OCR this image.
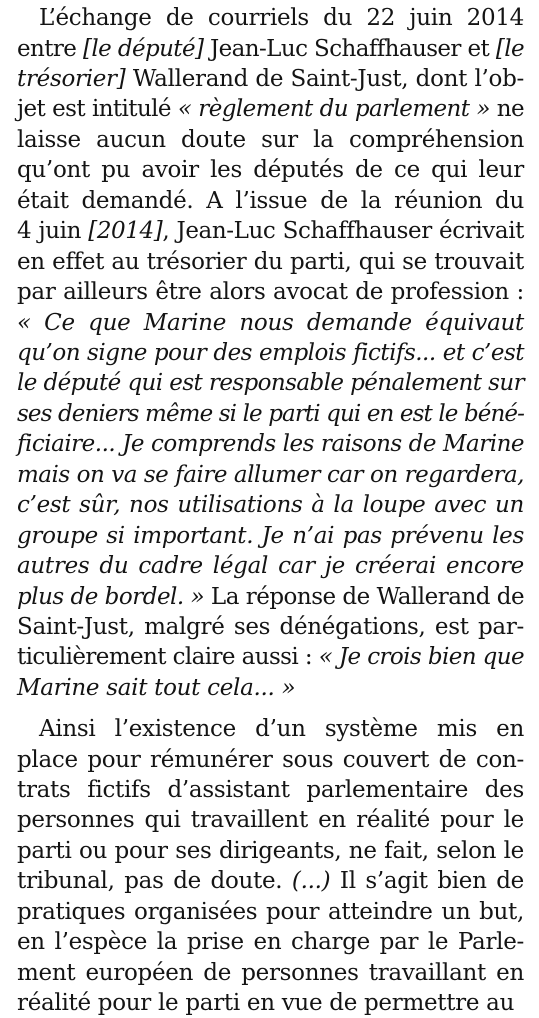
L’échange de courriels du 22 juin 2014
entre [le député] Jean-Luc Schaffhauser et [le
trésorier] Wallerand de Saint-Just, dont l’ob-
jet est intitulé « règlement du parlement » ne
laisse aucun doute sur la compréhension
qu’ont pu avoir les députés de ce qui leur
était demandé. A l’issue de la réunion du
4 juin [2014], Jean-Luc Schaffhauser écrivait
en effet au trésorier du parti, qui se trouvait
par ailleurs être alors avocat de profession :
« Ce que Marine nous demande équivaut
qu’on signe pour des emplois fictifs... et c’est
le député qui est responsable pénalement sur
ses deniers même si le parti qui en est le béné-
ficiaire... Je comprends les raisons de Marine
mais on va se faire allumer car on regardera,
c’est sûr, nos utilisations à la loupe avec un
groupe si important. Je n’ai pas prévenu les
autres du cadre légal car je créerai encore
plus de bordel. » La réponse de Wallerand de
Saint-Just, malgré ses dénégations, est par-
ticulièrement claire aussi : « Je crois bien que
Marine sait tout cela... »
Ainsi l’existence d’un système mis en
place pour rémunérer sous couvert de con-
trats fictifs d’assistant parlementaire des
personnes qui travaillent en réalité pour le
parti ou pour ses dirigeants, ne fait, selon le
tribunal, pas de doute. (...) Il s’agit bien de
pratiques organisées pour atteindre un but,
en l’espèce la prise en charge par le Parle-
ment européen de personnes travaillant en
réalité pour le parti en vue de permettre au
